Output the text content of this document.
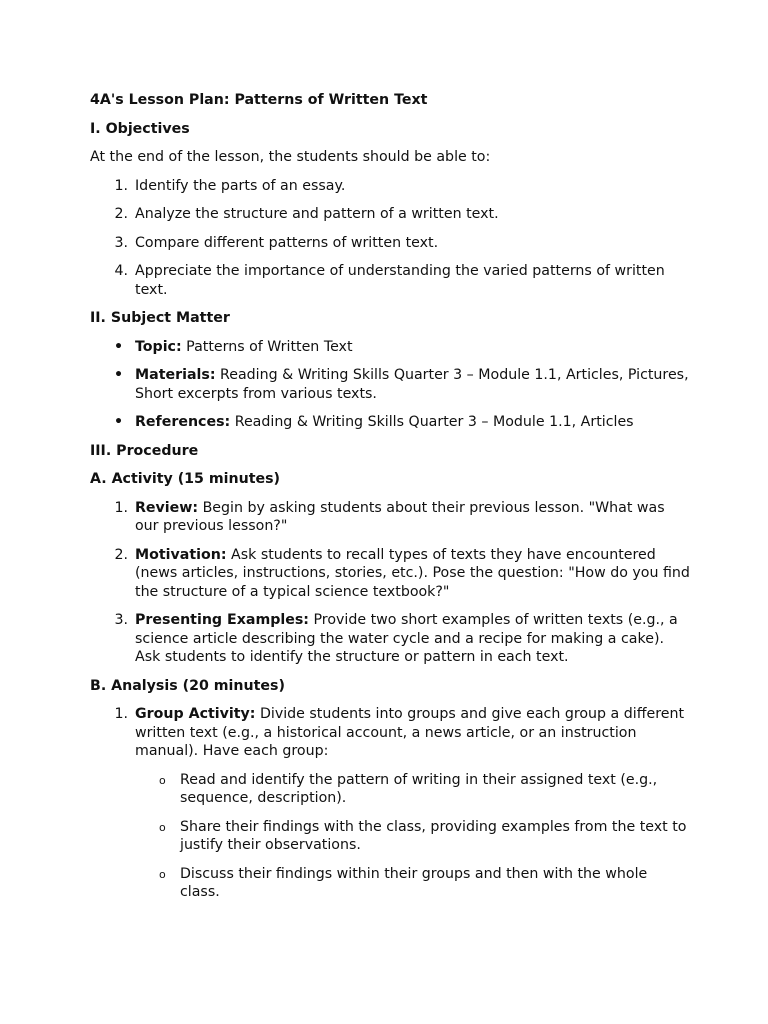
4A's Lesson Plan: Patterns of Written Text

I. Objectives

At the end of the lesson, the students should be able to:

1. Identify the parts of an essay.
2. Analyze the structure and pattern of a written text.
3. Compare different patterns of written text.
4. Appreciate the importance of understanding the varied patterns of written text.

II. Subject Matter

• Topic: Patterns of Written Text
• Materials: Reading & Writing Skills Quarter 3 – Module 1.1, Articles, Pictures, Short excerpts from various texts.
• References: Reading & Writing Skills Quarter 3 – Module 1.1, Articles

III. Procedure

A. Activity (15 minutes)

1. Review: Begin by asking students about their previous lesson. "What was our previous lesson?"
2. Motivation: Ask students to recall types of texts they have encountered (news articles, instructions, stories, etc.). Pose the question: "How do you find the structure of a typical science textbook?"
3. Presenting Examples: Provide two short examples of written texts (e.g., a science article describing the water cycle and a recipe for making a cake). Ask students to identify the structure or pattern in each text.

B. Analysis (20 minutes)

1. Group Activity: Divide students into groups and give each group a different written text (e.g., a historical account, a news article, or an instruction manual). Have each group:
o Read and identify the pattern of writing in their assigned text (e.g., sequence, description).
o Share their findings with the class, providing examples from the text to justify their observations.
o Discuss their findings within their groups and then with the whole class.
